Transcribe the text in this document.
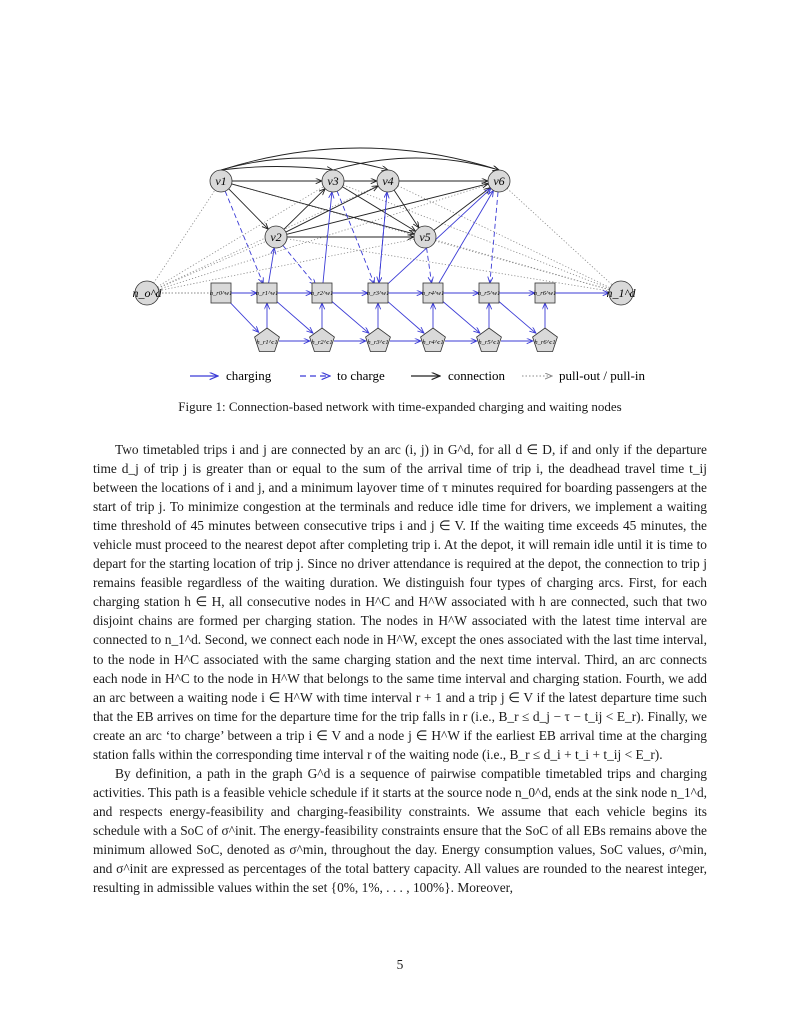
v1
v2
v3	v4
v5
v6
n_o^d	n_1^d
h_r0^w1	h_r1^w1	h_r2^w1	h_r3^w1	h_r4^w1	h_r5^w1	h_r6^w1
h_r1^c1	h_r2^c1	h_r3^c1	h_r4^c1	h_r5^c1	h_r6^c1
charging	to charge	connection	pull-out / pull-in
Figure 1: Connection-based network with time-expanded charging and waiting nodes

Two timetabled trips i and j are connected by an arc (i, j) in G^d, for all d ∈ D, if and only if the departure time d_j of trip j is greater than or equal to the sum of the arrival time of trip i, the deadhead travel time t_ij between the locations of i and j, and a minimum layover time of τ minutes required for boarding passengers at the start of trip j. To minimize congestion at the terminals and reduce idle time for drivers, we implement a waiting time threshold of 45 minutes between consecutive trips i and j ∈ V. If the waiting time exceeds 45 minutes, the vehicle must proceed to the nearest depot after completing trip i. At the depot, it will remain idle until it is time to depart for the starting location of trip j. Since no driver attendance is required at the depot, the connection to trip j remains feasible regardless of the waiting duration. We distinguish four types of charging arcs. First, for each charging station h ∈ H, all consecutive nodes in H^C and H^W associated with h are connected, such that two disjoint chains are formed per charging station. The nodes in H^W associated with the latest time interval are connected to n_1^d. Second, we connect each node in H^W, except the ones associated with the last time interval, to the node in H^C associated with the same charging station and the next time interval. Third, an arc connects each node in H^C to the node in H^W that belongs to the same time interval and charging station. Fourth, we add an arc between a waiting node i ∈ H^W with time interval r + 1 and a trip j ∈ V if the latest departure time such that the EB arrives on time for the departure time for the trip falls in r (i.e., B_r ≤ d_j − τ − t_ij < E_r). Finally, we create an arc ‘to charge’ between a trip i ∈ V and a node j ∈ H^W if the earliest EB arrival time at the charging station falls within the corresponding time interval r of the waiting node (i.e., B_r ≤ d_i + t_i + t_ij < E_r).

By definition, a path in the graph G^d is a sequence of pairwise compatible timetabled trips and charging activities. This path is a feasible vehicle schedule if it starts at the source node n_0^d, ends at the sink node n_1^d, and respects energy-feasibility and charging-feasibility constraints. We assume that each vehicle begins its schedule with a SoC of σ^init. The energy-feasibility constraints ensure that the SoC of all EBs remains above the minimum allowed SoC, denoted as σ^min, throughout the day. Energy consumption values, SoC values, σ^min, and σ^init are expressed as percentages of the total battery capacity. All values are rounded to the nearest integer, resulting in admissible values within the set {0%, 1%, . . . , 100%}. Moreover,

5
